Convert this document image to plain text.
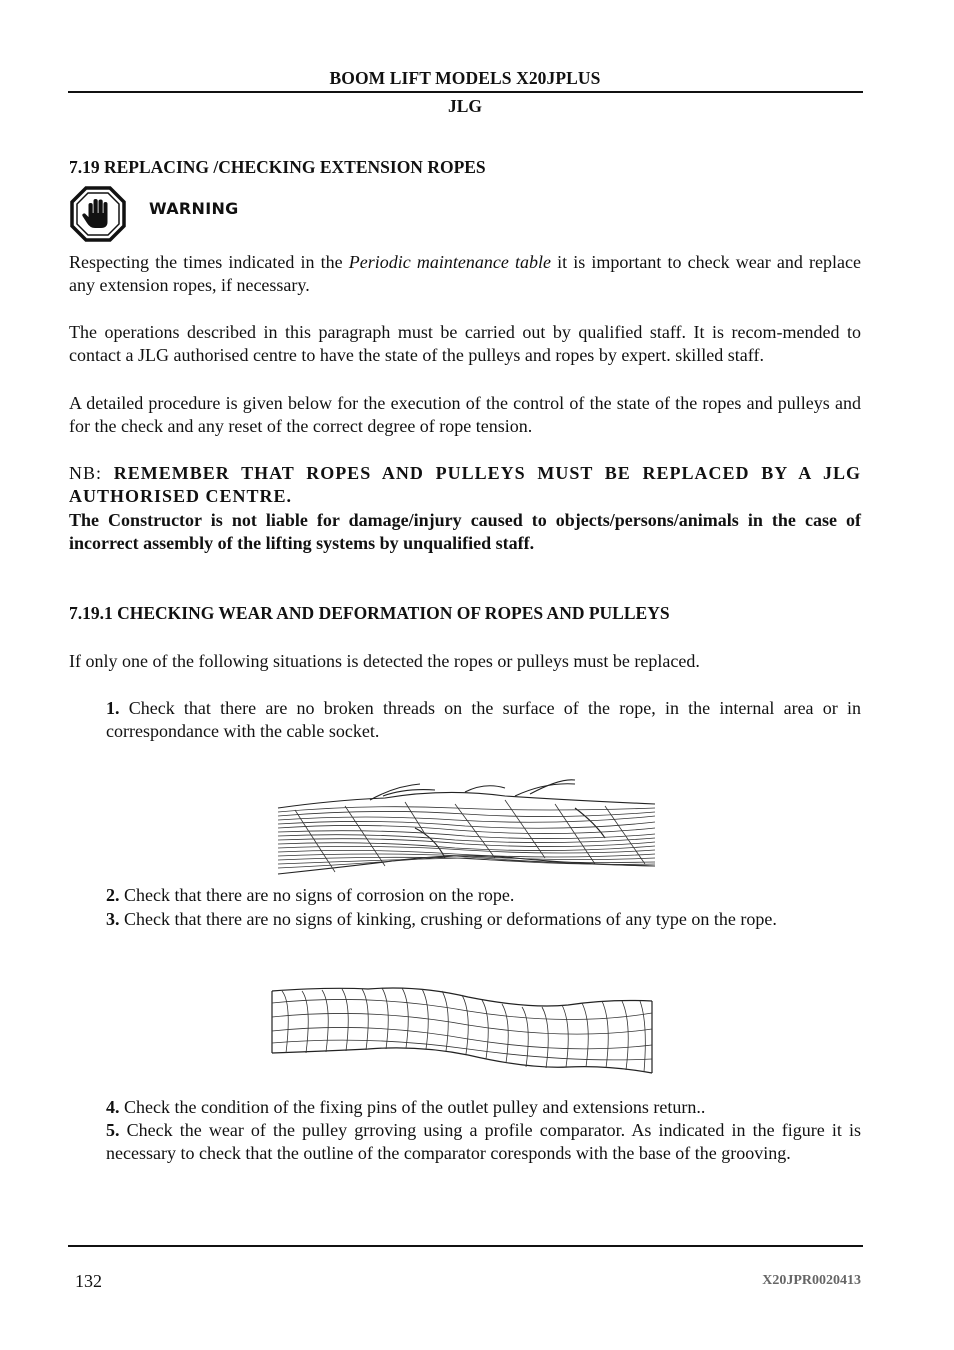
BOOM LIFT MODELS X20JPLUS
JLG
7.19 REPLACING /CHECKING EXTENSION ROPES
WARNING
Respecting the times indicated in the Periodic maintenance table it is important to check wear and replace any extension ropes, if necessary.
The operations described in this paragraph must be carried out by qualified staff. It is recom-mended to contact a JLG authorised centre to have the state of the pulleys and ropes by expert. skilled staff.
A detailed procedure is given below for the execution of the control of the state of the ropes and pulleys and for the check and any reset of the correct degree of rope tension.
NB: REMEMBER THAT ROPES AND PULLEYS MUST BE REPLACED BY A JLG AUTHORISED CENTRE.
The Constructor is not liable for damage/injury caused to objects/persons/animals in the case of incorrect assembly of the lifting systems by unqualified staff.
7.19.1 CHECKING WEAR AND DEFORMATION OF ROPES AND PULLEYS
If only one of the following situations is detected the ropes or pulleys must be replaced.
1. Check that there are no broken threads on the surface of the rope, in the internal area or in correspondance with the cable socket.
2. Check that there are no signs of corrosion on the rope.
3. Check that there are no signs of kinking, crushing or deformations of any type on the rope.
4. Check the condition of the fixing pins of the outlet pulley and extensions return..
5. Check the wear of the pulley grroving using a profile comparator. As indicated in the figure it is necessary to check that the outline of the comparator coresponds with the base of the grooving.
132	X20JPR0020413
